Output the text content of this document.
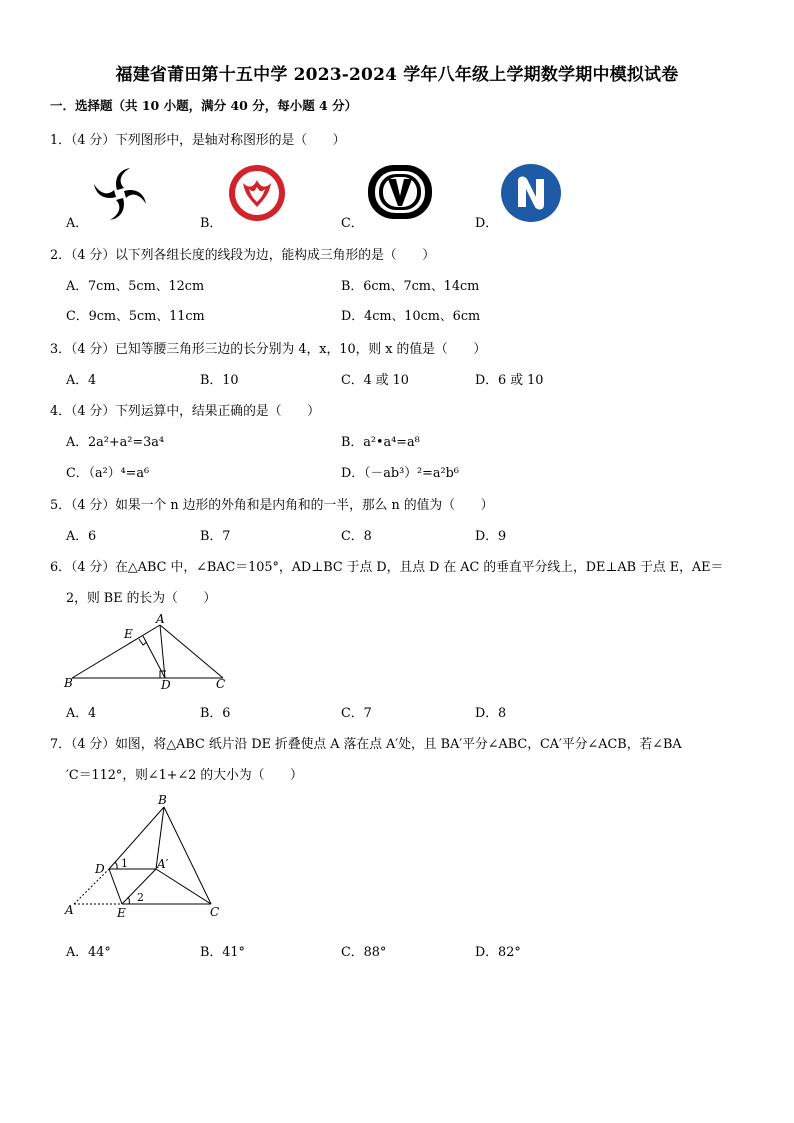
福建省莆田第十五中学 2023-2024 学年八年级上学期数学期中模拟试卷
一．选择题（共 10 小题，满分 40 分，每小题 4 分）
1．（4 分）下列图形中，是轴对称图形的是（　　）
A．	B．	C．	D．
2．（4 分）以下列各组长度的线段为边，能构成三角形的是（　　）
A．7cm、5cm、12cm	B．6cm、7cm、14cm
C．9cm、5cm、11cm	D．4cm、10cm、6cm
3．（4 分）已知等腰三角形三边的长分别为 4，x，10，则 x 的值是（　　）
A．4	B．10	C．4 或 10	D．6 或 10
4．（4 分）下列运算中，结果正确的是（　　）
A．2a²+a²=3a⁴	B．a²•a⁴=a⁸
C．（a²）⁴=a⁶	D．（－ab³）²=a²b⁶
5．（4 分）如果一个 n 边形的外角和是内角和的一半，那么 n 的值为（　　）
A．6	B．7	C．8	D．9
6．（4 分）在△ABC 中，∠BAC＝105°，AD⊥BC 于点 D，且点 D 在 AC 的垂直平分线上，DE⊥AB 于点 E，AE＝
2，则 BE 的长为（　　）
A
B	C
D
E
A．4	B．6	C．7	D．8
7．（4 分）如图，将△ABC 纸片沿 DE 折叠使点 A 落在点 A′处，且 BA′平分∠ABC，CA′平分∠ACB，若∠BA
′C＝112°，则∠1+∠2 的大小为（　　）
B
D	A′
A	E	C
1
2
A．44°	B．41°	C．88°	D．82°
